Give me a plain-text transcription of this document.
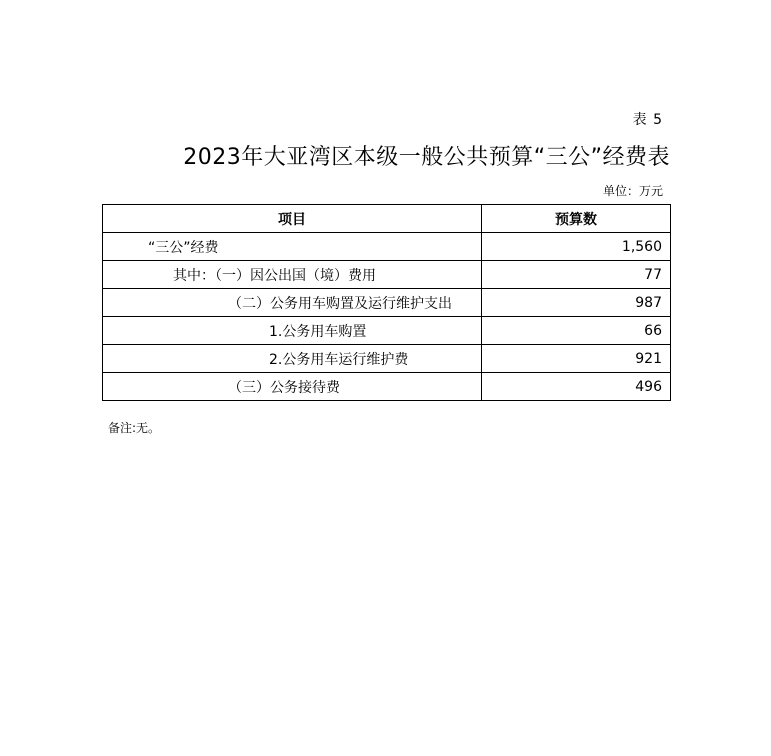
表 5
2023年大亚湾区本级一般公共预算“三公”经费表
单位：万元
项目	预算数
“三公”经费	1,560
其中：（一）因公出国（境）费用	77
（二）公务用车购置及运行维护支出	987
1.公务用车购置	66
2.公务用车运行维护费	921
（三）公务接待费	496
备注:无。
